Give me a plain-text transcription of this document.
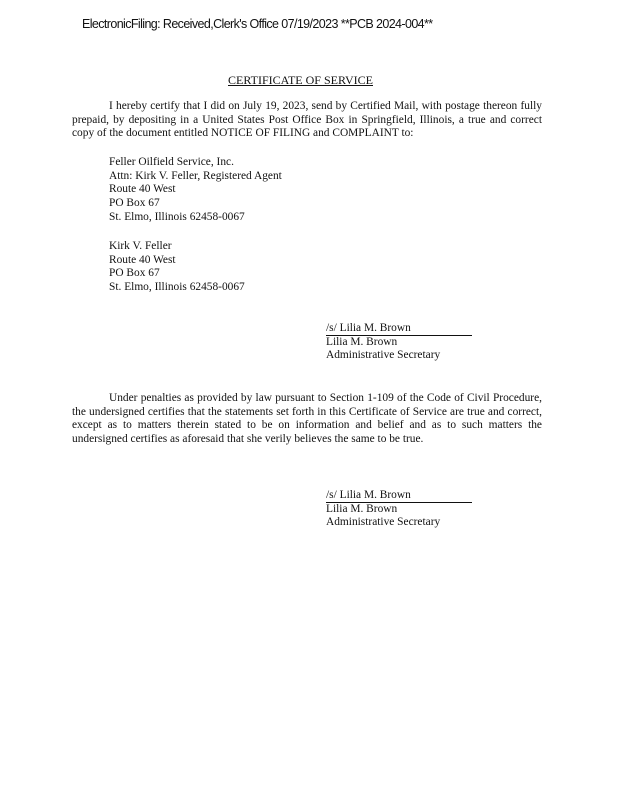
ElectronicFiling: Received,Clerk's Office 07/19/2023 **PCB 2024-004**
CERTIFICATE OF SERVICE
I hereby certify that I did on July 19, 2023, send by Certified Mail, with postage thereon fully prepaid, by depositing in a United States Post Office Box in Springfield, Illinois, a true and correct copy of the document entitled NOTICE OF FILING and COMPLAINT to:
Feller Oilfield Service, Inc.
Attn: Kirk V. Feller, Registered Agent
Route 40 West
PO Box 67
St. Elmo, Illinois 62458-0067
Kirk V. Feller
Route 40 West
PO Box 67
St. Elmo, Illinois 62458-0067
/s/ Lilia M. Brown
Lilia M. Brown
Administrative Secretary
Under penalties as provided by law pursuant to Section 1-109 of the Code of Civil Procedure, the undersigned certifies that the statements set forth in this Certificate of Service are true and correct, except as to matters therein stated to be on information and belief and as to such matters the undersigned certifies as aforesaid that she verily believes the same to be true.
/s/ Lilia M. Brown
Lilia M. Brown
Administrative Secretary
